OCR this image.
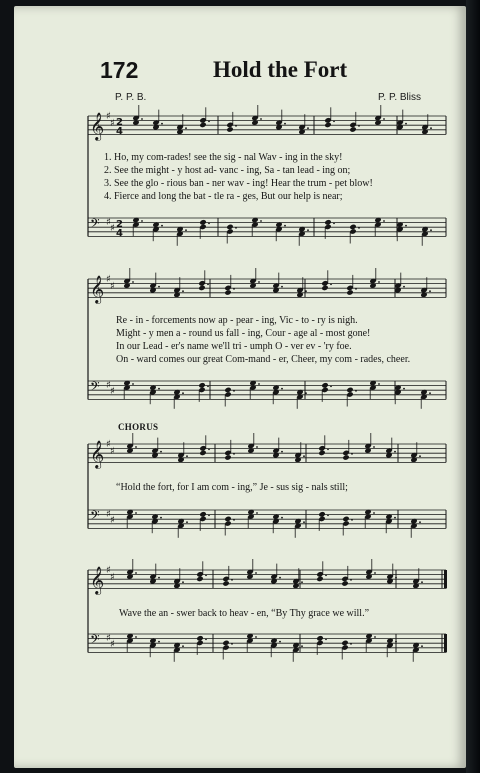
172	Hold the Fort
P. P. B.	P. P. Bliss
𝄞 ♯
♯ 2
4
𝄢 ♯
♯ 2
4
𝄞 ♯
♯
𝄢 ♯
♯
𝄞 ♯
♯
𝄢 ♯
♯
𝄞 ♯
♯
𝄢 ♯
♯
1. Ho, my com-rades! see the sig - nal Wav - ing in the sky!
2. See the might - y host ad- vanc - ing, Sa - tan lead - ing on;
3. See the glo - rious ban - ner wav - ing! Hear the trum - pet blow!
4. Fierce and long the bat - tle ra - ges, But our help is near;
Re - in - forcements now ap - pear - ing, Vic - to - ry is nigh.
Might - y men a - round us fall - ing, Cour - age al - most gone!
In our Lead - er's name we'll tri - umph O - ver ev - 'ry foe.
On - ward comes our great Com-mand - er, Cheer, my com - rades, cheer.
CHORUS
“Hold the fort, for I am com - ing,” Je - sus sig - nals still;
Wave the an - swer back to heav - en, “By Thy grace we will.”
